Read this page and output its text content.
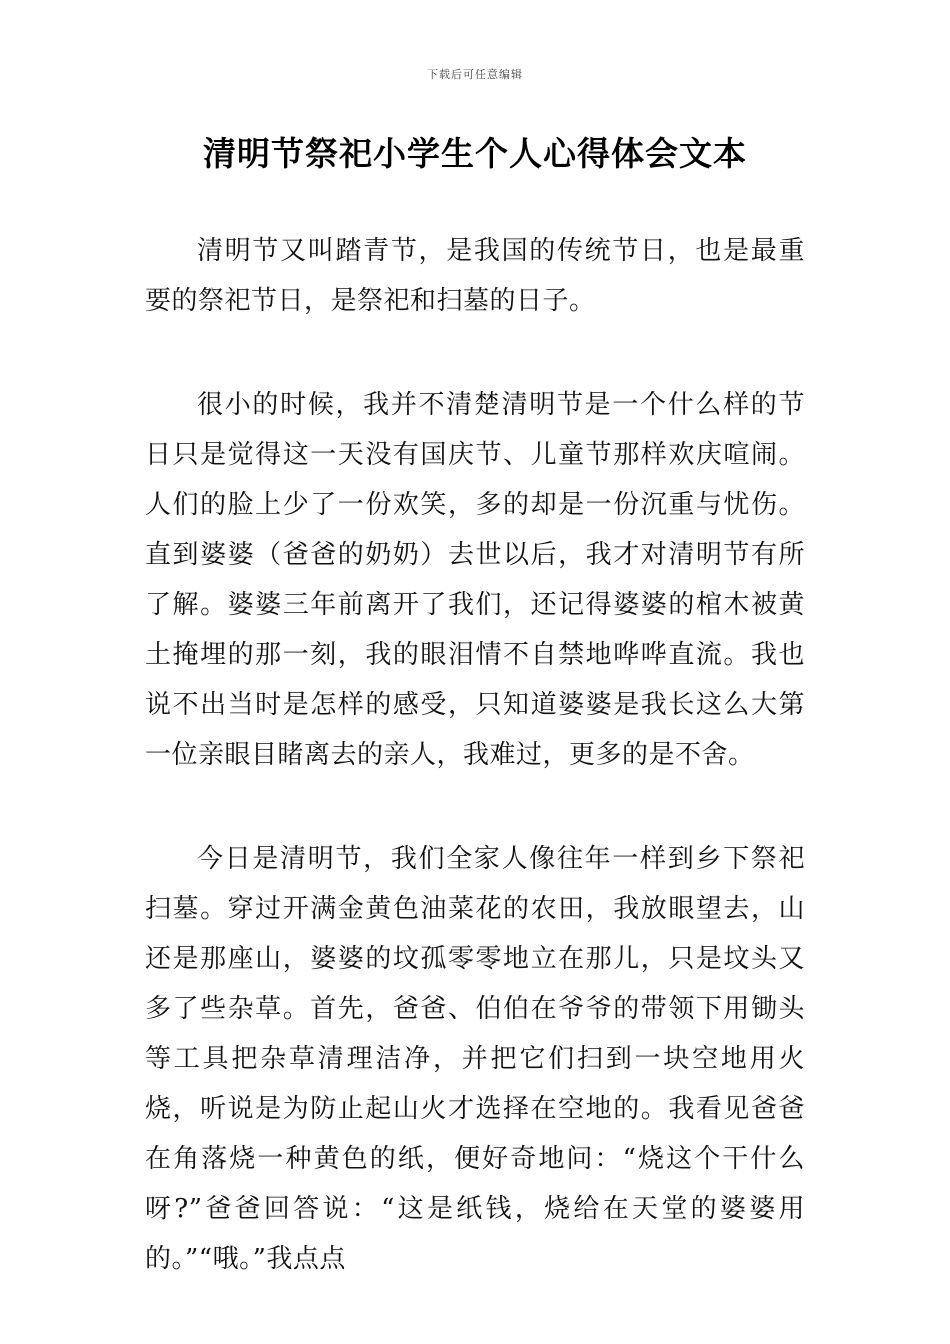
下载后可任意编辑
清明节祭祀小学生个人心得体会文本

清明节又叫踏青节，是我国的传统节日，也是最重要的祭祀节日，是祭祀和扫墓的日子。

很小的时候，我并不清楚清明节是一个什么样的节日只是觉得这一天没有国庆节、儿童节那样欢庆喧闹。人们的脸上少了一份欢笑，多的却是一份沉重与忧伤。直到婆婆（爸爸的奶奶）去世以后，我才对清明节有所了解。婆婆三年前离开了我们，还记得婆婆的棺木被黄土掩埋的那一刻，我的眼泪情不自禁地哗哗直流。我也说不出当时是怎样的感受，只知道婆婆是我长这么大第一位亲眼目睹离去的亲人，我难过，更多的是不舍。

今日是清明节，我们全家人像往年一样到乡下祭祀扫墓。穿过开满金黄色油菜花的农田，我放眼望去，山还是那座山，婆婆的坟孤零零地立在那儿，只是坟头又多了些杂草。首先，爸爸、伯伯在爷爷的带领下用锄头等工具把杂草清理洁净，并把它们扫到一块空地用火烧，听说是为防止起山火才选择在空地的。我看见爸爸在角落烧一种黄色的纸，便好奇地问：“烧这个干什么呀?”爸爸回答说：“这是纸钱，烧给在天堂的婆婆用的。”“哦。”我点点
